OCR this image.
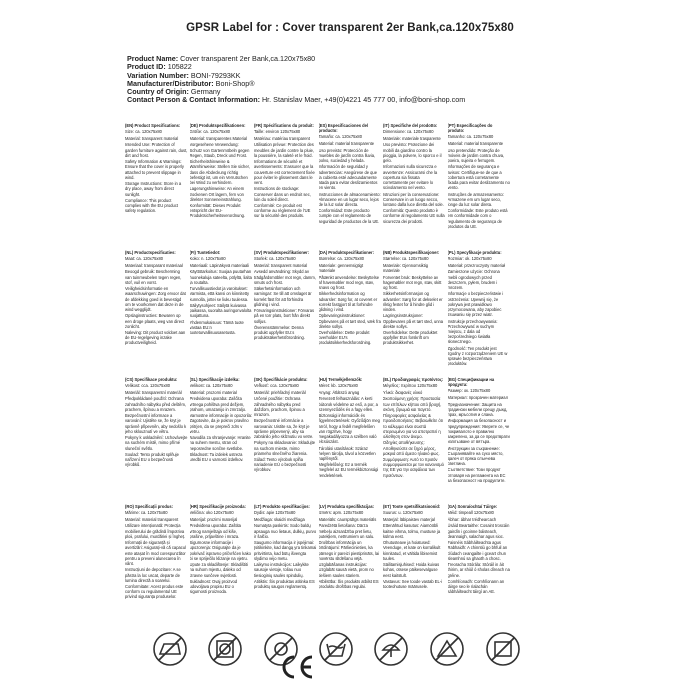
GPSR Label for : Cover transparent 2er Bank,ca.120x75x80
Product Name: Cover transparent 2er Bank,ca.120x75x80
Product ID: 105822
Variation Number: BONI-79293KK
Manufacturer/Distributor: Boni-Shop®
Country of Origin: Germany
Contact Person & Contact Information: Hr. Stanislav Maer, +49(0)4221 45 777 00, info@boni-shop.com
(EN) Product Specifications:

Size: ca. 120x75x80

Material: transparent material

Intended Use: Protection of garden furniture against rain, dust, dirt and frost.

Safety Information & Warnings: Ensure that the cover is properly attached to prevent slippage in wind.

Storage Instructions: Store in a dry place, away from direct sunlight.

Compliance: This product complies with the EU product safety regulation.

(DE) Produktspezifikationen:

Größe: ca. 120x75x80

Material: transparentes Material

Vorgesehene Verwendung: Schutz von Gartenmöbeln gegen Regen, Staub, Dreck und Frost.

Sicherheitshinweise & Warnhinweise: Stellen Sie sicher, dass die Abdeckung richtig befestigt ist, um ein Verrutschen bei Wind zu verhindern.

Lagerungshinweise: An einem trockenen Ort lagern, fern von direkter Sonneneinstrahlung.

Konformität: Dieses Produkt entspricht der EU-Produktsicherheitsverordnung.

(FR) Spécifications du produit:

Taille: environ 120x75x80

Matériau: matériau transparent

Utilisation prévue: Protection des meubles de jardin contre la pluie, la poussière, la saleté et le froid.

Informations de sécurité et avertissements: S'assurer que la couverture est correctement fixée pour éviter le glissement dans le vent.

Instructions de stockage: Conserver dans un endroit sec, loin du soleil direct.

Conformité: Ce produit est conforme au règlement de l'UE sur la sécurité des produits.

(ES) Especificaciones del producto:

Tamaño: ca. 120x75x80

Material: material transparente

Uso previsto: Protección de muebles de jardín contra lluvia, polvo, suciedad y helada.

Información de seguridad y advertencias: Asegúrese de que la cubierta esté adecuadamente atada para evitar deslizamientos en viento.

Instrucciones de almacenamiento: Almacene en un lugar seco, lejos de la luz solar directa.

Conformidad: Este producto cumple con el reglamento de seguridad de productos de la UE.

(IT) Specifiche del prodotto:

Dimensione: ca. 120x75x80

Materiale: materiale trasparente

Uso previsto: Protezione dei mobili da giardino contro la pioggia, la polvere, lo sporco e il gelo.

Informazioni sulla sicurezza e avvertenze: Assicurarsi che la copertura sia fissata correttamente per evitare lo scivolamento nel vento.

Istruzioni per la conservazione: Conservare in un luogo secco, lontano dalla luce diretta del sole.

Conformità: Questo prodotto è conforme al regolamento UE sulla sicurezza dei prodotti.

(PT) Especificações do produto:

Tamanho: ca. 120x75x80

Material: material transparente

Uso pretendido: Proteção de móveis de jardim contra chuva, poeira, sujeira e ferrugem.

Informações de segurança e avisos: Certifique-se de que a cobertura está corretamente fixada para evitar deslizamento no vento.

Instruções de armazenamento: Armazene em um lugar seco, longe da luz solar direta.

Conformidade: Este produto está em conformidade com o regulamento de segurança de produtos da UE.

(NL) Productspecificaties:

Maat: ca. 120x75x80

Materiaal: transparant materiaal

Beoogd gebruik: Bescherming van tuinmeubelen tegen regen, stof, vuil en vorst.

Veiligheidsinformatie en waarschuwingen: Zorg ervoor dat de afdekking goed is bevestigd om te voorkomen dat deze in de wind wegglijdt.

Opslaginstructies: Bewaren op een droge plaats, weg van direct zonlicht.

Naleving: Dit product voldoet aan de EU-regelgeving inzake productveiligheid.

(FI) Tuotetiedot:

Koko: n. 120x75x80

Materiaali: Läpinäkyvä materiaali

Käyttötarkoitus: Suojaa puutarhan huonekaluja sateelta, pölyltä, lialta ja routalta.

Turvallisuustiedot ja varoitukset: Varmista, että kansi on kiinnitetty kunnolla, jottei se liuku tuulessa.

Säilytysohjeet: Säilytä kuivassa paikassa, suoralta auringonvalolta suojattuna.

Yhdenmukaisuus: Tämä tuote vastaa EU:n tuoteturvallisuusasetusta.

(SV) Produktspecifikationer:

Storlek: ca. 120x75x80

Material: transparent material

Avsedd användning: Skydd av trädgårdsmöbler mot regn, damm, smuts och frost.

Säkerhetsinformation och varningar: Se till att omslaget är korrekt fäst för att förhindra glidning i vind.

Förvaringsinstruktioner: Förvaras på en torr plats, bort från direkt solljus.

Överensstämmelse: Denna produkt uppfyller EU:s produktsäkerhetsförordning.

(DA) Produktspecifikationer:

Størrelse: ca. 120x75x80

Materiale: gennemsigtigt materiale

Påtænkt anvendelse: Beskyttelse af havemøbler mod regn, støv, snavs og frost.

Sikkerhedsinformation og advarsler: Sørg for, at coveret er korrekt fastgjort til at forhindre glidning i vind.

Opbevaringsinstruktioner: Opbevares på et tørt sted, væk fra direkte sollys.

Overholdelse: Dette produkt overholder EU's produktsikkerhedsforordning.

(NB) Produktspesifikasjoner:

Størrelse: ca. 120x75x80

Materiale: Gjennomsiktig materiale

Forventet bruk: Beskyttelse av hagemøbler mot regn, støv, skitt og frost.

Sikkerhetsinformasjon og advarsler: Sørg for at dekselet er riktig festet for å hindre glid i vinden.

Lagringsinstruksjoner: Oppbevares på et tørt sted, unna direkte sollys.

Overholdelse: Dette produktet oppfyller EUs forskrift om produktsikkerhet.

(PL) Specyfikacje produktu:

Rozmiar: ok. 120x75x80

Materiał: przezroczysty materiał

Zamierzone użycie: Ochrona mebli ogrodowych przed deszczem, pyłem, brudem i mrozem.

Informacje o bezpieczeństwie i ostrzeżenia: Upewnij się, że pokrywa jest prawidłowo przymocowana, aby zapobiec zsuwaniu się przez wiatr.

Instrukcje przechowywania: Przechowywać w suchym miejscu, z dala od bezpośredniego światła słonecznego.

Zgodność: Ten produkt jest zgodny z rozporządzeniem UE w sprawie bezpieczeństwa produktów.

(CS) Specifikace produktu:

Velikost: cca. 120x75x80

Materiál: transparentní materiál

Předpokládané použití: Ochrana zahradního nábytku před deštěm, prachem, špínou a mrazem.

Bezpečnostní informace a varování: Ujistěte se, že kryt je správně připevněn, aby nedošlo k jeho sklouznutí ve větru.

Pokyny k uskladnění: Uchovávejte na suchém místě, mimo přímé sluneční světlo.

Soulad: Tento produkt splňuje nařízení EU o bezpečnosti výrobků.

(SL) Specifikacije izdelka:

Velikost: ca. 120x75x80

Material: prozorni material

Predvidena uporaba: Zaščita vrtnega pohištva pred dežjem, prahom, umazanijo in zmrzaljo.

Varnostne informacije in opozorila: Zagotovite, da je pokrov pravilno pritrjen, da se prepreči zdrs v vetru.

Navodila za shranjevanje: Hranite na suhem mestu, stran od neposredne sončne svetlobe.

Skladnost: Ta izdelek ustreza uredbi EU o varnosti izdelkov.

(SK) Špecifikácie produktu:

Veľkosť: cca. 120x75x80

Materiál: priehľadný materiál

Určené použitie: Ochrana záhradného nábytku pred dažďom, prachom, špinou a mrazom.

Bezpečnostné informácie a varovania: Uistite sa, že kryt je správne pripevnený, aby sa zabránilo jeho skĺznutiu vo vetre.

Pokyny na skladovanie: Skladujte na suchom mieste, mimo priameho slnečného žiarenia.

Súlad: Tento výrobok spĺňa nariadenie EÚ o bezpečnosti výrobkov.

(HU) Termékjellemzők:

Méret: kb. 120x75x80

Anyag: Átlátszó anyag

Tervezett felhasználás: A kerti bútorok védelme az eső, a por, a szennyeződés és a fagy ellen.

Biztonsági információk és figyelmeztetések: Győződjön meg arról, hogy a fedél megfelelően van rögzítve, hogy megakadályozza a szélben való elcsúszást.

Tárolási utasítások: Száraz helyen tárolja, távol a közvetlen napfénytől.

Megfelelőség: Ez a termék megfelel az EU termékbiztonsági rendeletének.

(EL) Προδιαγραφές προϊόντος:

Μέγεθος: περίπου 120x75x80

Υλικό: διαφανές υλικό

Σκοπούμενη χρήση: Προστασία των επίπλων κήπου από βροχή, σκόνη, βρωμιά και παγετό.

Πληροφορίες ασφαλείας & προειδοποιήσεις: Βεβαιωθείτε ότι το κάλυμμα είναι σωστά στερεωμένο για να αποτραπεί η ολίσθηση στον άνεμο.

Οδηγίες αποθήκευσης: Αποθηκεύστε σε ξηρό μέρος, μακριά από άμεσο ηλιακό φως.

Συμμόρφωση: Αυτό το προϊόν συμμορφώνεται με τον κανονισμό της ΕΕ για την ασφάλεια των προϊόντων.

(BG) Спецификации на продукта:

Размер: ок. 120x75x80

Материал: прозрачен материал

Предназначение: Защита на градински мебели срещу дъжд, прах, мръсотия и слана.

Информация за безопасност и предупреждения: Уверете се, че покривалото е правилно закрепено, за да се предотврати изплъзване от вятъра.

Инструкции за съхранение: Съхранявайте на сухо място, далеч от пряка слънчева светлина.

Съответствие: Този продукт отговаря на регламента на ЕС за безопасност на продуктите.

(RO) Specificații produs:

Mărime: ca. 120x75x80

Material: material transparent

Utilizare intenționată: Protecția mobilierului de grădină împotriva ploii, prafului, murdăriei și îngheț.

Informații de siguranță și avertizări: Asigurați-vă că capacul este atașat în mod corespunzător pentru a preveni alunecarea în vânt.

Instrucțiuni de depozitare: A se păstra la loc uscat, departe de lumina directă a soarelui.

Conformitate: Acest produs este conform cu regulamentul UE privind siguranța produselor.

(HR) Specifikacije proizvoda:

Veličina: oko 120x75x80

Materijal: prozirni materijal

Predviđena uporaba: Zaštita vrtnog namještaja od kiše, prašine, prljavštine i mraza.

Sigurnosne informacije i upozorenja: Osigurajte da je pokrivač ispravno pričvršćen kako bi se spriječilo klizanje na vjetru.

Upute za skladištenje: Skladištiti na suhom mjestu, daleko od izravne sunčeve svjetlosti.

Sukladnost: Ovaj proizvod udovoljava propisu EU o sigurnosti proizvoda.

(LT) Produkto specifikacijos:

Dydis: apie 120x75x80

Medžiaga: skaidri medžiaga

Numatyta paskirtis: Sodo baldų apsauga nuo lietaus, dulkių, purvo ir šalčio.

Saugumo informacija ir įspėjimai: Įsitikinkite, kad dangą yra tinkamai pritvirtinta, kad būtų išvengta slydimo vėjo metu.

Laikymo instrukcijos: Laikykite sausoje vietoje, toliau nuo tiesioginių saulės spindulių.

Atitiktis: Šis produktas atitinka ES produktų saugos reglamentą.

(LV) Produkta specifikācijas:

Izmērs: apm. 120x75x80

Materiāls: caurspīdīgs materiāls

Paredzētā lietošana: Dārza mēbeļu aizsardzība pret lietu, putekļiem, netīrumiem un salu.

Drošības informācija un brīdinājumi: Pārliecinieties, ka pārsegs ir pareizi piestiprināts, lai novērstu slīdēšanu vējā.

Uzglabāšanas instrukcijas: Uzglabāt sausā vietā, prom no tiešiem saules stariem.

Atbilstība: Šis produkts atbilst ES produktu drošības regulai.

(ET) Toote spetsifikatsioonid:

Suurus: u. 120x75x80

Materjal: läbipaistev materjal

Ettenähtud kasutus: Aiamööbli kaitse vihma, tolmu, mustuse ja külma eest.

Ohutusteave ja hoiatused: Veenduge, et kate on korralikult kinnitatud, et vältida libisemist tuules.

Säilitamisjuhised: Hoida kuivas kohas, otsese päikesevalguse eest kaitstult.

Vastavus: See toode vastab EL-i tooteohutuse määrusele.

(GA) Sonraíochtaí Táirge:

Méid: timpeall 120x75x80

Ábhar: ábhar trédhearcach

Úsáid Beartaithe: Cosaint troscáin gairdín i gcoinne báisteach, deannaigh, salachar agus sioc.

Faisnéis Sábháilteachta agus Rabhaidh: A chinntiú go bhfuil an clúdach ceangailte i gceart chun sleamhnú sa ghaoth a chosc.

Treoracha Stórála: Stóráil in áit thirim, ar shiúl ó sholas díreach na gréine.

Comhlíonadh: Comhlíonann an táirge seo le rialachán sábháilteacht táirgí an AE.
